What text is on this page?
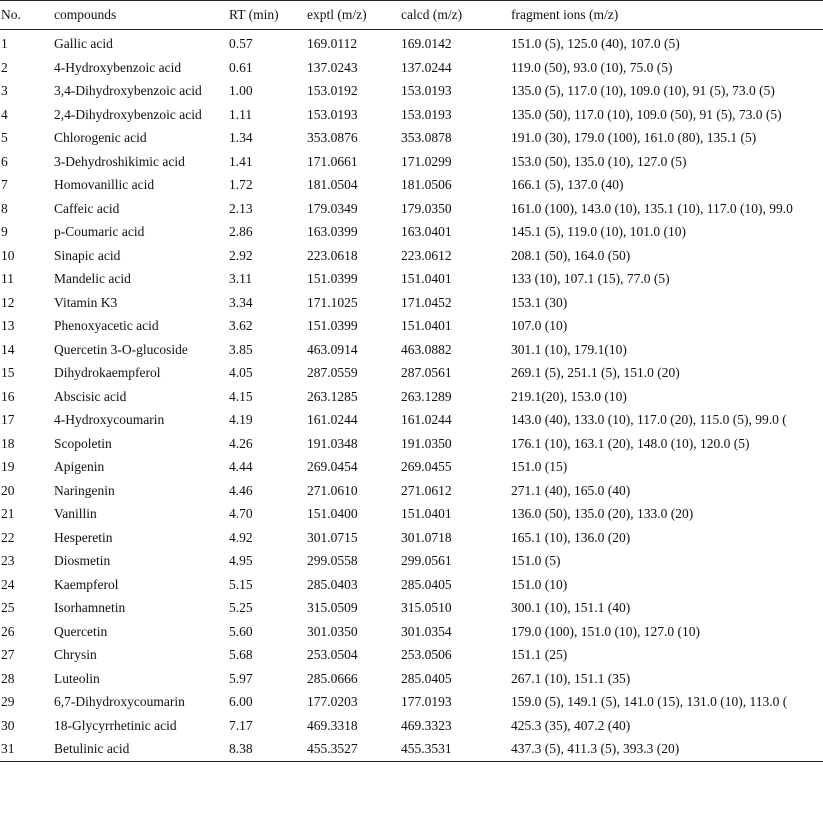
No.	compounds	RT (min)	exptl (m/z)	calcd (m/z)	fragment ions (m/z)
1	Gallic acid	0.57	169.0112	169.0142	151.0 (5), 125.0 (40), 107.0 (5)
2	4-Hydroxybenzoic acid	0.61	137.0243	137.0244	119.0 (50), 93.0 (10), 75.0 (5)
3	3,4-Dihydroxybenzoic acid	1.00	153.0192	153.0193	135.0 (5), 117.0 (10), 109.0 (10), 91 (5), 73.0 (5)
4	2,4-Dihydroxybenzoic acid	1.11	153.0193	153.0193	135.0 (50), 117.0 (10), 109.0 (50), 91 (5), 73.0 (5)
5	Chlorogenic acid	1.34	353.0876	353.0878	191.0 (30), 179.0 (100), 161.0 (80), 135.1 (5)
6	3-Dehydroshikimic acid	1.41	171.0661	171.0299	153.0 (50), 135.0 (10), 127.0 (5)
7	Homovanillic acid	1.72	181.0504	181.0506	166.1 (5), 137.0 (40)
8	Caffeic acid	2.13	179.0349	179.0350	161.0 (100), 143.0 (10), 135.1 (10), 117.0 (10), 99.0
9	p-Coumaric acid	2.86	163.0399	163.0401	145.1 (5), 119.0 (10), 101.0 (10)
10	Sinapic acid	2.92	223.0618	223.0612	208.1 (50), 164.0 (50)
11	Mandelic acid	3.11	151.0399	151.0401	133 (10), 107.1 (15), 77.0 (5)
12	Vitamin K3	3.34	171.1025	171.0452	153.1 (30)
13	Phenoxyacetic acid	3.62	151.0399	151.0401	107.0 (10)
14	Quercetin 3-O-glucoside	3.85	463.0914	463.0882	301.1 (10), 179.1(10)
15	Dihydrokaempferol	4.05	287.0559	287.0561	269.1 (5), 251.1 (5), 151.0 (20)
16	Abscisic acid	4.15	263.1285	263.1289	219.1(20), 153.0 (10)
17	4-Hydroxycoumarin	4.19	161.0244	161.0244	143.0 (40), 133.0 (10), 117.0 (20), 115.0 (5), 99.0 (
18	Scopoletin	4.26	191.0348	191.0350	176.1 (10), 163.1 (20), 148.0 (10), 120.0 (5)
19	Apigenin	4.44	269.0454	269.0455	151.0 (15)
20	Naringenin	4.46	271.0610	271.0612	271.1 (40), 165.0 (40)
21	Vanillin	4.70	151.0400	151.0401	136.0 (50), 135.0 (20), 133.0 (20)
22	Hesperetin	4.92	301.0715	301.0718	165.1 (10), 136.0 (20)
23	Diosmetin	4.95	299.0558	299.0561	151.0 (5)
24	Kaempferol	5.15	285.0403	285.0405	151.0 (10)
25	Isorhamnetin	5.25	315.0509	315.0510	300.1 (10), 151.1 (40)
26	Quercetin	5.60	301.0350	301.0354	179.0 (100), 151.0 (10), 127.0 (10)
27	Chrysin	5.68	253.0504	253.0506	151.1 (25)
28	Luteolin	5.97	285.0666	285.0405	267.1 (10), 151.1 (35)
29	6,7-Dihydroxycoumarin	6.00	177.0203	177.0193	159.0 (5), 149.1 (5), 141.0 (15), 131.0 (10), 113.0 (
30	18-Glycyrrhetinic acid	7.17	469.3318	469.3323	425.3 (35), 407.2 (40)
31	Betulinic acid	8.38	455.3527	455.3531	437.3 (5), 411.3 (5), 393.3 (20)
